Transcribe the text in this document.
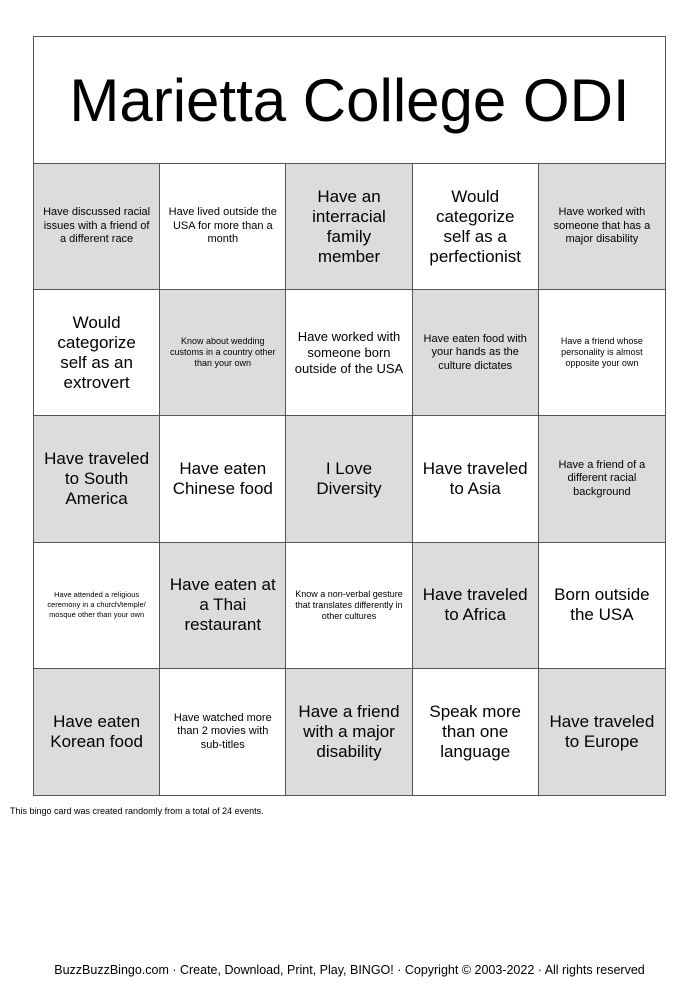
Marietta College ODI
Have discussed racial issues with a friend of a different race
Have lived outside the USA for more than a month
Have an interracial family member
Would categorize self as a perfectionist
Have worked with someone that has a major disability
Would categorize self as an extrovert
Know about wedding customs in a country other than your own
Have worked with someone born outside of the USA
Have eaten food with your hands as the culture dictates
Have a friend whose personality is almost opposite your own
Have traveled to South America
Have eaten Chinese food
I Love Diversity
Have traveled to Asia
Have a friend of a different racial background
Have attended a religious ceremony in a church/temple/ mosque other than your own
Have eaten at a Thai restaurant
Know a non-verbal gesture that translates differently in other cultures
Have traveled to Africa
Born outside the USA
Have eaten Korean food
Have watched more than 2 movies with sub-titles
Have a friend with a major disability
Speak more than one language
Have traveled to Europe
This bingo card was created randomly from a total of 24 events.
BuzzBuzzBingo.com · Create, Download, Print, Play, BINGO! · Copyright © 2003-2022 · All rights reserved
